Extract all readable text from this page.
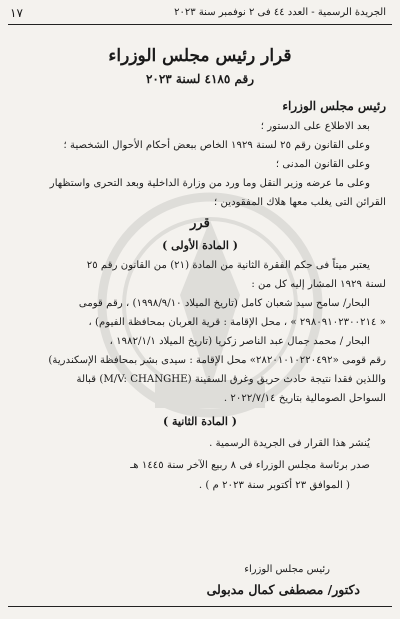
الجريدة الرسمية - العدد ٤٤ فى ٢ نوفمبر سنة ٢٠٢٣
١٧
قرار رئيس مجلس الوزراء
رقم ٤١٨٥ لسنة ٢٠٢٣
رئيس مجلس الوزراء
بعد الاطلاع على الدستور ؛
وعلى القانون رقم ٢٥ لسنة ١٩٢٩ الخاص ببعض أحكام الأحوال الشخصية ؛
وعلى القانون المدنى ؛
وعلى ما عرضه وزير النقل وما ورد من وزارة الداخلية وبعد التحرى واستظهار
القرائن التى يغلب معها هلاك المفقودين ؛
قرر
( المادة الأولى )
يعتبر ميتاً فى حكم الفقرة الثانية من المادة (٢١) من القانون رقم ٢٥
لسنة ١٩٢٩ المشار إليه كل من :
البحار/ سامح سيد شعبان كامل (تاريخ الميلاد ١٩٩٨/٩/١٠) ، رقم قومى
« ٢٩٨٠٩١٠٢٣٠٠٢١٤ » ، محل الإقامة : قرية العربان بمحافظة الفيوم) ،
البحار / محمد جمال عبد الناصر زكريا (تاريخ الميلاد ١٩٨٢/١/١ ،
رقم قومى «٢٨٢٠١٠١٠٢٢٠٤٩٢» محل الإقامة : سيدى بشر بمحافظة الإسكندرية)
واللذين فقدا نتيجة حادث حريق وغرق السفينة (M/V: CHANGHE) قبالة
السواحل الصومالية بتاريخ ٢٠٢٢/٧/١٤ .
( المادة الثانية )
يُنشر هذا القرار فى الجريدة الرسمية .
صدر برئاسة مجلس الوزراء فى ٨ ربيع الآخر سنة ١٤٤٥ هـ
( الموافق ٢٣ أكتوبر سنة ٢٠٢٣ م ) .
رئيس مجلس الوزراء
دكتور/ مصطفى كمال مدبولى
